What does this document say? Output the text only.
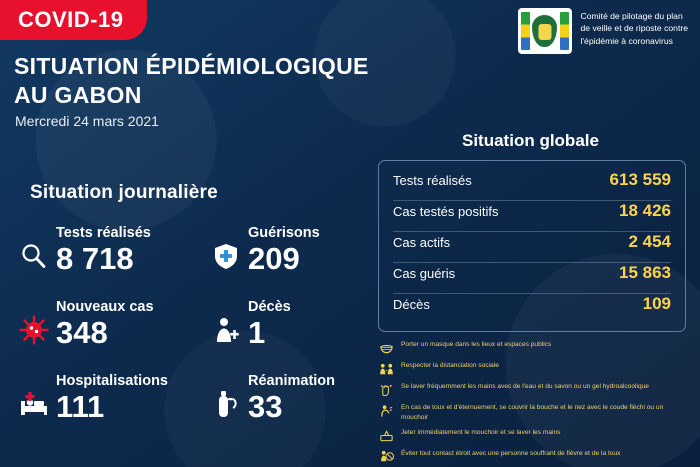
COVID-19	Comité de pilotage du plan
de veille et de riposte contre
l'épidémie à coronavirus
SITUATION ÉPIDÉMIOLOGIQUE
AU GABON
Mercredi 24 mars 2021
Situation journalière
Tests réalisés
8 718
Guérisons
209
Nouveaux cas
348
Décès
1
Hospitalisations
111
Réanimation
33
Situation globale
Tests réalisés	613 559
Cas testés positifs	18 426
Cas actifs	2 454
Cas guéris	15 863
Décès	109
Porter un masque dans les lieux et espaces publics
Respecter la distanciation sociale
Se laver fréquemment les mains avec de l'eau et du savon ou un gel hydroalcoolique
En cas de toux et d'éternuement, se couvrir la bouche et le nez avec le coude fléchi ou un mouchoir
Jeter immédiatement le mouchoir et se laver les mains
Éviter tout contact étroit avec une personne souffrant de fièvre et de la toux
